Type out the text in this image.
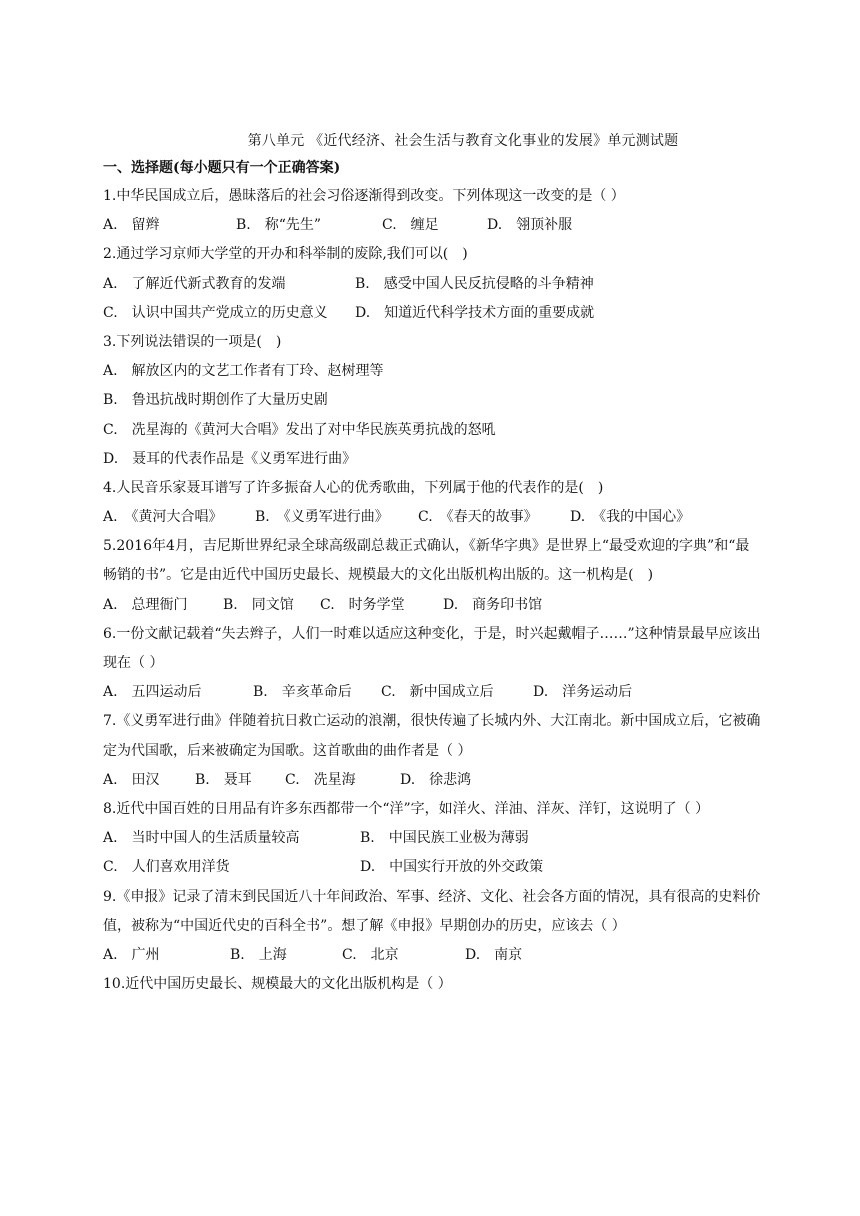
第八单元 《近代经济、社会生活与教育文化事业的发展》单元测试题
一、选择题(每小题只有一个正确答案)
1.中华民国成立后，愚昧落后的社会习俗逐渐得到改变。下列体现这一改变的是（ ）
A.　留辫	B.　称“先生”	C.　缠足	D.　翎顶补服
2.通过学习京师大学堂的开办和科举制的废除,我们可以(　)
A.　了解近代新式教育的发端	B.　感受中国人民反抗侵略的斗争精神
C.　认识中国共产党成立的历史意义	D.　知道近代科学技术方面的重要成就
3.下列说法错误的一项是(　)
A.　解放区内的文艺工作者有丁玲、赵树理等
B.　鲁迅抗战时期创作了大量历史剧
C.　冼星海的《黄河大合唱》发出了对中华民族英勇抗战的怒吼
D.　聂耳的代表作品是《义勇军进行曲》
4.人民音乐家聂耳谱写了许多振奋人心的优秀歌曲，下列属于他的代表作的是(　)
A.　《黄河大合唱》	B.　《义勇军进行曲》	C.　《春天的故事》	D.　《我的中国心》
5.2016年4月，吉尼斯世界纪录全球高级副总裁正式确认，《新华字典》是世界上“最受欢迎的字典”和“最畅销的书”。它是由近代中国历史最长、规模最大的文化出版机构出版的。这一机构是(　)
A.　总理衙门	B.　同文馆	C.　时务学堂	D.　商务印书馆
6.一份文献记载着“失去辫子，人们一时难以适应这种变化，于是，时兴起戴帽子……”这种情景最早应该出现在（ ）
A.　五四运动后	B.　辛亥革命后	C.　新中国成立后	D.　洋务运动后
7.《义勇军进行曲》伴随着抗日救亡运动的浪潮，很快传遍了长城内外、大江南北。新中国成立后，它被确定为代国歌，后来被确定为国歌。这首歌曲的曲作者是（ ）
A.　田汉	B.　聂耳	C.　冼星海	D.　徐悲鸿
8.近代中国百姓的日用品有许多东西都带一个“洋”字，如洋火、洋油、洋灰、洋钉，这说明了（ ）
A.　当时中国人的生活质量较高	B.　中国民族工业极为薄弱
C.　人们喜欢用洋货	D.　中国实行开放的外交政策
9.《申报》记录了清末到民国近八十年间政治、军事、经济、文化、社会各方面的情况，具有很高的史料价值，被称为“中国近代史的百科全书”。想了解《申报》早期创办的历史，应该去（ ）
A.　广州	B.　上海	C.　北京	D.　南京
10.近代中国历史最长、规模最大的文化出版机构是（ ）
